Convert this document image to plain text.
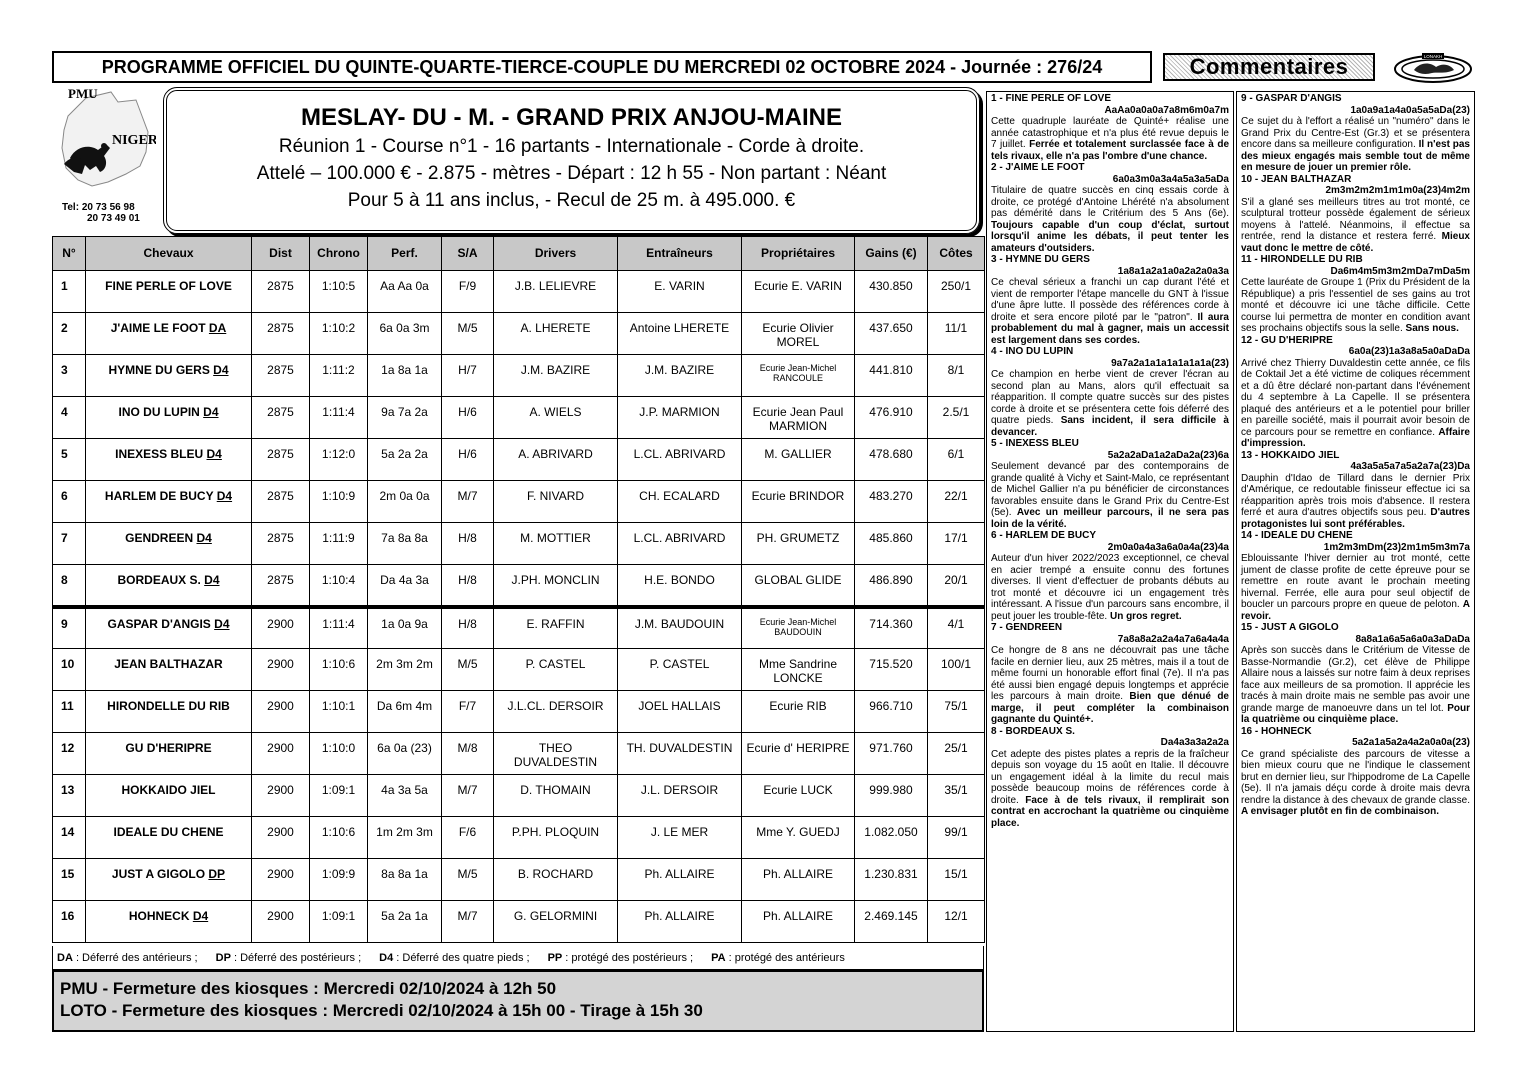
PROGRAMME OFFICIEL DU QUINTE-QUARTE-TIERCE-COUPLE DU MERCREDI 02 OCTOBRE 2024 - Journée : 276/24	Commentaires	LONAKH
PMU
NIGER
Tel: 20 73 56 98
20 73 49 01
MESLAY- DU - M. - GRAND PRIX ANJOU-MAINE
Réunion 1 - Course n°1 - 16 partants - Internationale - Corde à droite.
Attelé – 100.000 € - 2.875 - mètres - Départ : 12 h 55 - Non partant : Néant
Pour 5 à 11 ans inclus, - Recul de 25 m. à 495.000. €
N°	Chevaux	Dist	Chrono	Perf.	S/A	Drivers	Entraîneurs	Propriétaires	Gains (€)	Côtes
1	FINE PERLE OF LOVE	2875	1:10:5	Aa Aa 0a	F/9	J.B. LELIEVRE	E. VARIN	Ecurie E. VARIN	430.850	250/1
2	J'AIME LE FOOT DA	2875	1:10:2	6a 0a 3m	M/5	A. LHERETE	Antoine LHERETE	Ecurie Olivier MOREL	437.650	11/1
3	HYMNE DU GERS D4	2875	1:11:2	1a 8a 1a	H/7	J.M. BAZIRE	J.M. BAZIRE	Ecurie Jean-Michel RANCOULE	441.810	8/1
4	INO DU LUPIN D4	2875	1:11:4	9a 7a 2a	H/6	A. WIELS	J.P. MARMION	Ecurie Jean Paul MARMION	476.910	2.5/1
5	INEXESS BLEU D4	2875	1:12:0	5a 2a 2a	H/6	A. ABRIVARD	L.CL. ABRIVARD	M. GALLIER	478.680	6/1
6	HARLEM DE BUCY D4	2875	1:10:9	2m 0a 0a	M/7	F. NIVARD	CH. ECALARD	Ecurie BRINDOR	483.270	22/1
7	GENDREEN D4	2875	1:11:9	7a 8a 8a	H/8	M. MOTTIER	L.CL. ABRIVARD	PH. GRUMETZ	485.860	17/1
8	BORDEAUX S. D4	2875	1:10:4	Da 4a 3a	H/8	J.PH. MONCLIN	H.E. BONDO	GLOBAL GLIDE	486.890	20/1
9	GASPAR D'ANGIS D4	2900	1:11:4	1a 0a 9a	H/8	E. RAFFIN	J.M. BAUDOUIN	Ecurie Jean-Michel BAUDOUIN	714.360	4/1
10	JEAN BALTHAZAR	2900	1:10:6	2m 3m 2m	M/5	P. CASTEL	P. CASTEL	Mme Sandrine LONCKE	715.520	100/1
11	HIRONDELLE DU RIB	2900	1:10:1	Da 6m 4m	F/7	J.L.CL. DERSOIR	JOEL HALLAIS	Ecurie RIB	966.710	75/1
12	GU D'HERIPRE	2900	1:10:0	6a 0a (23)	M/8	THEO DUVALDESTIN	TH. DUVALDESTIN	Ecurie d' HERIPRE	971.760	25/1
13	HOKKAIDO JIEL	2900	1:09:1	4a 3a 5a	M/7	D. THOMAIN	J.L. DERSOIR	Ecurie LUCK	999.980	35/1
14	IDEALE DU CHENE	2900	1:10:6	1m 2m 3m	F/6	P.PH. PLOQUIN	J. LE MER	Mme Y. GUEDJ	1.082.050	99/1
15	JUST A GIGOLO DP	2900	1:09:9	8a 8a 1a	M/5	B. ROCHARD	Ph. ALLAIRE	Ph. ALLAIRE	1.230.831	15/1
16	HOHNECK D4	2900	1:09:1	5a 2a 1a	M/7	G. GELORMINI	Ph. ALLAIRE	Ph. ALLAIRE	2.469.145	12/1
DA : Déferré des antérieurs ; DP : Déferré des postérieurs ; D4 : Déferré des quatre pieds ; PP : protégé des postérieurs ; PA : protégé des antérieurs
PMU - Fermeture des kiosques : Mercredi 02/10/2024 à 12h 50
LOTO - Fermeture des kiosques : Mercredi 02/10/2024 à 15h 00 - Tirage à 15h 30
1 - FINE PERLE OF LOVE
AaAa0a0a0a7a8m6m0a7m
Cette quadruple lauréate de Quinté+ réalise une année catastrophique et n'a plus été revue depuis le 7 juillet. Ferrée et totalement surclassée face à de tels rivaux, elle n'a pas l'ombre d'une chance.
2 - J'AIME LE FOOT
6a0a3m0a3a4a5a3a5aDa
Titulaire de quatre succès en cinq essais corde à droite, ce protégé d'Antoine Lhérété n'a absolument pas démérité dans le Critérium des 5 Ans (6e). Toujours capable d'un coup d'éclat, surtout lorsqu'il anime les débats, il peut tenter les amateurs d'outsiders.
3 - HYMNE DU GERS
1a8a1a2a1a0a2a2a0a3a
Ce cheval sérieux a franchi un cap durant l'été et vient de remporter l'étape mancelle du GNT à l'issue d'une âpre lutte. Il possède des références corde à droite et sera encore piloté par le "patron". Il aura probablement du mal à gagner, mais un accessit est largement dans ses cordes.
4 - INO DU LUPIN
9a7a2a1a1a1a1a1a1a(23)
Ce champion en herbe vient de crever l'écran au second plan au Mans, alors qu'il effectuait sa réapparition. Il compte quatre succès sur des pistes corde à droite et se présentera cette fois déferré des quatre pieds. Sans incident, il sera difficile à devancer.
5 - INEXESS BLEU
5a2a2aDa1a2aDa2a(23)6a
Seulement devancé par des contemporains de grande qualité à Vichy et Saint-Malo, ce représentant de Michel Gallier n'a pu bénéficier de circonstances favorables ensuite dans le Grand Prix du Centre-Est (5e). Avec un meilleur parcours, il ne sera pas loin de la vérité.
6 - HARLEM DE BUCY
2m0a0a4a3a6a0a4a(23)4a
Auteur d'un hiver 2022/2023 exceptionnel, ce cheval en acier trempé a ensuite connu des fortunes diverses. Il vient d'effectuer de probants débuts au trot monté et découvre ici un engagement très intéressant. A l'issue d'un parcours sans encombre, il peut jouer les trouble-fête. Un gros regret.
7 - GENDREEN
7a8a8a2a2a4a7a6a4a4a
Ce hongre de 8 ans ne découvrait pas une tâche facile en dernier lieu, aux 25 mètres, mais il a tout de même fourni un honorable effort final (7e). Il n'a pas été aussi bien engagé depuis longtemps et apprécie les parcours à main droite. Bien que dénué de marge, il peut compléter la combinaison gagnante du Quinté+.
8 - BORDEAUX S.
Da4a3a3a2a2a
Cet adepte des pistes plates a repris de la fraîcheur depuis son voyage du 15 août en Italie. Il découvre un engagement idéal à la limite du recul mais possède beaucoup moins de références corde à droite. Face à de tels rivaux, il remplirait son contrat en accrochant la quatrième ou cinquième place.
9 - GASPAR D'ANGIS
1a0a9a1a4a0a5a5aDa(23)
Ce sujet du à l'effort a réalisé un "numéro" dans le Grand Prix du Centre-Est (Gr.3) et se présentera encore dans sa meilleure configuration. Il n'est pas des mieux engagés mais semble tout de même en mesure de jouer un premier rôle.
10 - JEAN BALTHAZAR
2m3m2m2m1m1m0a(23)4m2m
S'il a glané ses meilleurs titres au trot monté, ce sculptural trotteur possède également de sérieux moyens à l'attelé. Néanmoins, il effectue sa rentrée, rend la distance et restera ferré. Mieux vaut donc le mettre de côté.
11 - HIRONDELLE DU RIB
Da6m4m5m3m2mDa7mDa5m
Cette lauréate de Groupe 1 (Prix du Président de la République) a pris l'essentiel de ses gains au trot monté et découvre ici une tâche difficile. Cette course lui permettra de monter en condition avant ses prochains objectifs sous la selle. Sans nous.
12 - GU D'HERIPRE
6a0a(23)1a3a8a5a0aDaDa
Arrivé chez Thierry Duvaldestin cette année, ce fils de Coktail Jet a été victime de coliques récemment et a dû être déclaré non-partant dans l'événement du 4 septembre à La Capelle. Il se présentera plaqué des antérieurs et a le potentiel pour briller en pareille société, mais il pourrait avoir besoin de ce parcours pour se remettre en confiance. Affaire d'impression.
13 - HOKKAIDO JIEL
4a3a5a5a7a5a2a7a(23)Da
Dauphin d'Idao de Tillard dans le dernier Prix d'Amérique, ce redoutable finisseur effectue ici sa réapparition après trois mois d'absence. Il restera ferré et aura d'autres objectifs sous peu. D'autres protagonistes lui sont préférables.
14 - IDEALE DU CHENE
1m2m3mDm(23)2m1m5m3m7a
Eblouissante l'hiver dernier au trot monté, cette jument de classe profite de cette épreuve pour se remettre en route avant le prochain meeting hivernal. Ferrée, elle aura pour seul objectif de boucler un parcours propre en queue de peloton. A revoir.
15 - JUST A GIGOLO
8a8a1a6a5a6a0a3aDaDa
Après son succès dans le Critérium de Vitesse de Basse-Normandie (Gr.2), cet élève de Philippe Allaire nous a laissés sur notre faim à deux reprises face aux meilleurs de sa promotion. Il apprécie les tracés à main droite mais ne semble pas avoir une grande marge de manoeuvre dans un tel lot. Pour la quatrième ou cinquième place.
16 - HOHNECK
5a2a1a5a2a4a2a0a0a(23)
Ce grand spécialiste des parcours de vitesse a bien mieux couru que ne l'indique le classement brut en dernier lieu, sur l'hippodrome de La Capelle (5e). Il n'a jamais déçu corde à droite mais devra rendre la distance à des chevaux de grande classe. A envisager plutôt en fin de combinaison.
